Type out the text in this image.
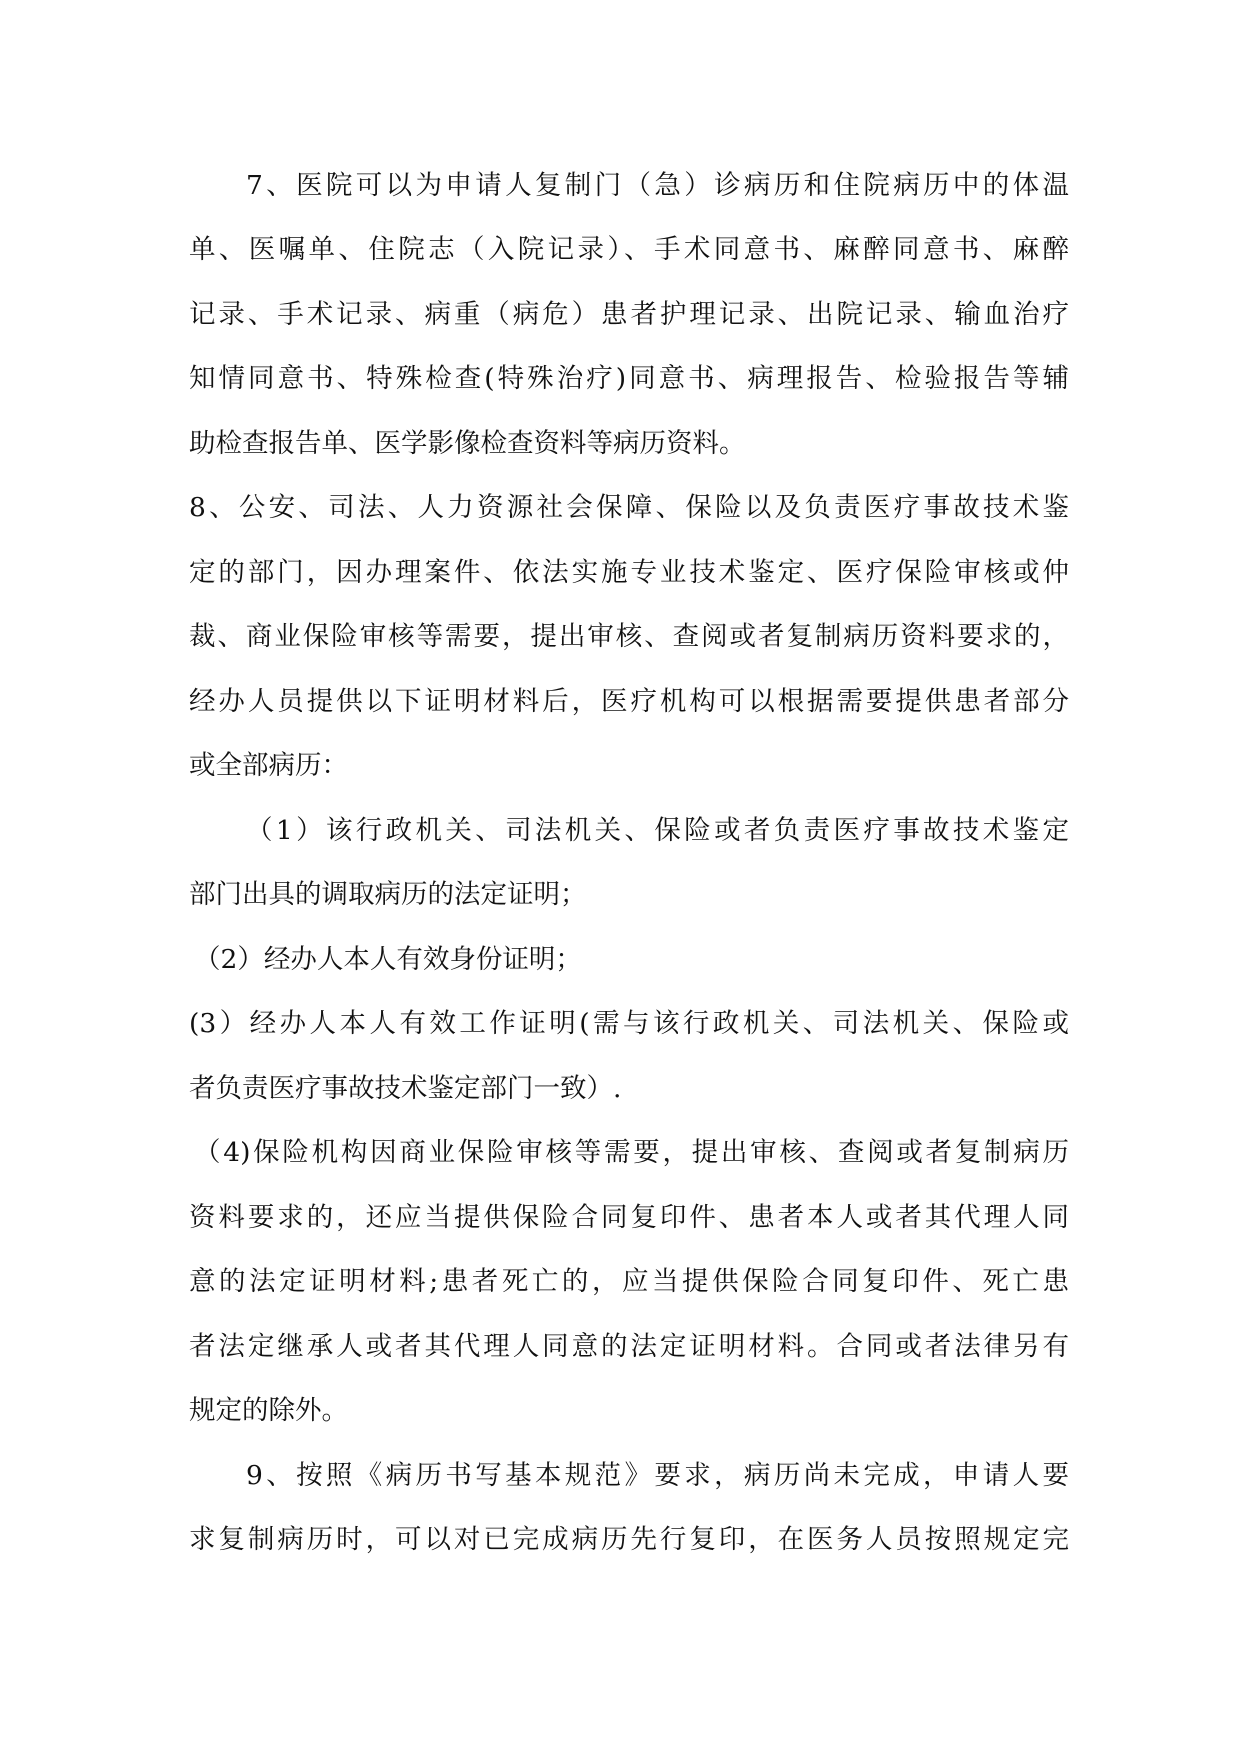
7、医院可以为申请人复制门（急）诊病历和住院病历中的体温
单、医嘱单、住院志（入院记录）、手术同意书、麻醉同意书、麻醉
记录、手术记录、病重（病危）患者护理记录、出院记录、输血治疗
知情同意书、特殊检查(特殊治疗)同意书、病理报告、检验报告等辅
助检查报告单、医学影像检查资料等病历资料。
8、公安、司法、人力资源社会保障、保险以及负责医疗事故技术鉴
定的部门，因办理案件、依法实施专业技术鉴定、医疗保险审核或仲
裁、商业保险审核等需要，提出审核、查阅或者复制病历资料要求的，
经办人员提供以下证明材料后，医疗机构可以根据需要提供患者部分
或全部病历：
（1）该行政机关、司法机关、保险或者负责医疗事故技术鉴定
部门出具的调取病历的法定证明；
（2）经办人本人有效身份证明；
(3）经办人本人有效工作证明(需与该行政机关、司法机关、保险或
者负责医疗事故技术鉴定部门一致）.
（4)保险机构因商业保险审核等需要，提出审核、查阅或者复制病历
资料要求的，还应当提供保险合同复印件、患者本人或者其代理人同
意的法定证明材料;患者死亡的，应当提供保险合同复印件、死亡患
者法定继承人或者其代理人同意的法定证明材料。合同或者法律另有
规定的除外。
9、按照《病历书写基本规范》要求，病历尚未完成，申请人要
求复制病历时，可以对已完成病历先行复印，在医务人员按照规定完
